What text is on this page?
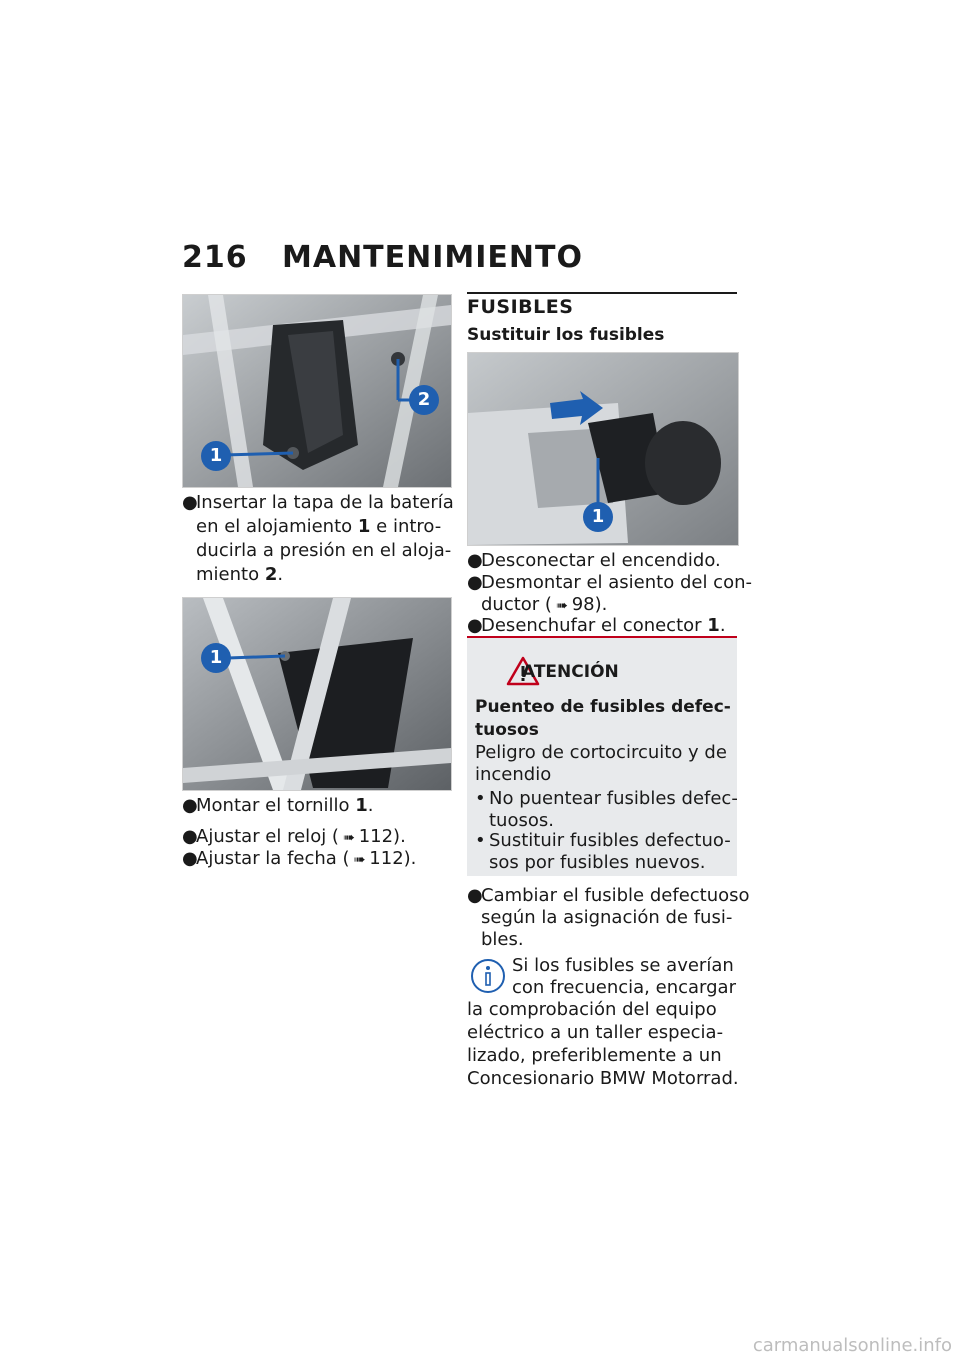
216 MANTENIMIENTO
1
2
●Insertar la tapa de la batería
en el alojamiento 1 e intro-
ducirla a presión en el aloja-
miento 2.
1
●Montar el tornillo 1.
●Ajustar el reloj ( ➠ 112).
●Ajustar la fecha ( ➠ 112).
FUSIBLES
Sustituir los fusibles
1
●Desconectar el encendido.
●Desmontar el asiento del con-
ductor ( ➠ 98).
●Desenchufar el conector 1.
ATENCIÓN
Puenteo de fusibles defec-
tuosos
Peligro de cortocircuito y de
incendio
• No puentear fusibles defec-
tuosos.
• Sustituir fusibles defectuo-
sos por fusibles nuevos.
●Cambiar el fusible defectuoso
según la asignación de fusi-
bles.
Si los fusibles se averían
con frecuencia, encargar
la comprobación del equipo
eléctrico a un taller especia-
lizado, preferiblemente a un
Concesionario BMW Motorrad.
carmanualsonline.info
